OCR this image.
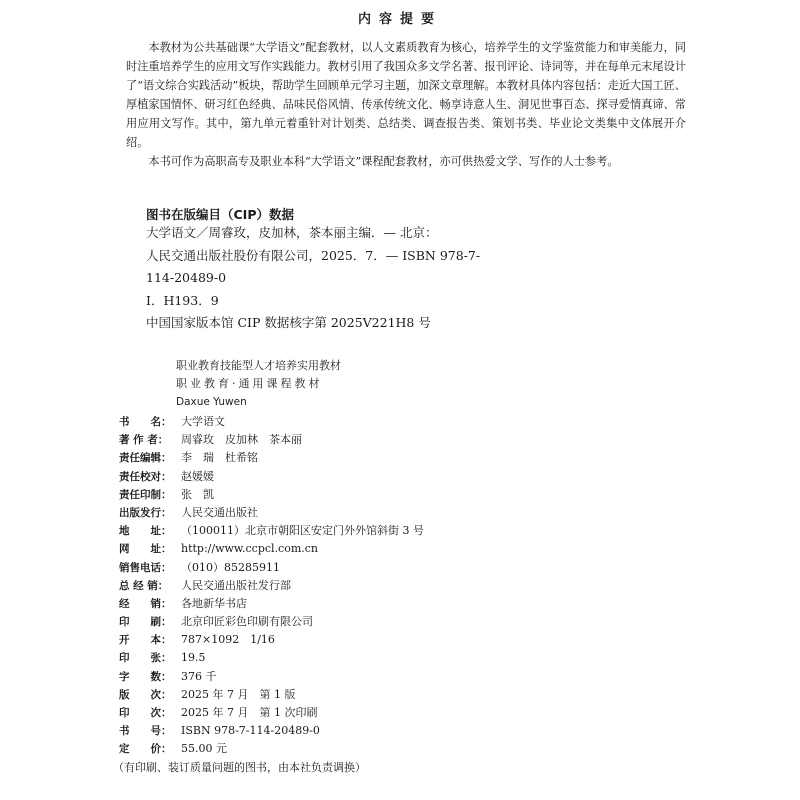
内容提要

本教材为公共基础课“大学语文”配套教材，以人文素质教育为核心，培养学生的文学鉴赏能力和审美能力，同时注重培养学生的应用文写作实践能力。教材引用了我国众多文学名著、报刊评论、诗词等，并在每单元末尾设计了“语文综合实践活动”板块，帮助学生回顾单元学习主题，加深文章理解。本教材具体内容包括：走近大国工匠、厚植家国情怀、研习红色经典、品味民俗风情、传承传统文化、畅享诗意人生、洞见世事百态、探寻爱情真谛、常用应用文写作。其中，第九单元着重针对计划类、总结类、调查报告类、策划书类、毕业论文类集中文体展开介绍。

本书可作为高职高专及职业本科“大学语文”课程配套教材，亦可供热爱文学、写作的人士参考。

图书在版编目（CIP）数据
大学语文／周睿玫，皮加林，茶本丽主编．— 北京：
人民交通出版社股份有限公司，2025．7．— ISBN 978-7-
114-20489-0
Ⅰ．H193．9
中国国家版本馆 CIP 数据核字第 2025V221H8 号
职业教育技能型人才培养实用教材
职业教育·通用课程教材
Daxue Yuwen
书　　名： 大学语文
著 作 者：	周睿玫　皮加林　茶本丽
责任编辑： 李　瑞　杜希铭
责任校对： 赵媛媛
责任印制： 张　凯
出版发行： 人民交通出版社
地　　址： （100011）北京市朝阳区安定门外外馆斜街 3 号
网　　址： http://www.ccpcl.com.cn
销售电话： （010）85285911
总 经 销：	人民交通出版社发行部
经　　销： 各地新华书店
印　　刷： 北京印匠彩色印刷有限公司
开　　本： 787×1092　1/16
印　　张： 19.5
字　　数： 376 千
版　　次： 2025 年 7 月　第 1 版
印　　次： 2025 年 7 月　第 1 次印刷
书　　号： ISBN 978-7-114-20489-0
定　　价： 55.00 元
（有印刷、装订质量问题的图书，由本社负责调换）
